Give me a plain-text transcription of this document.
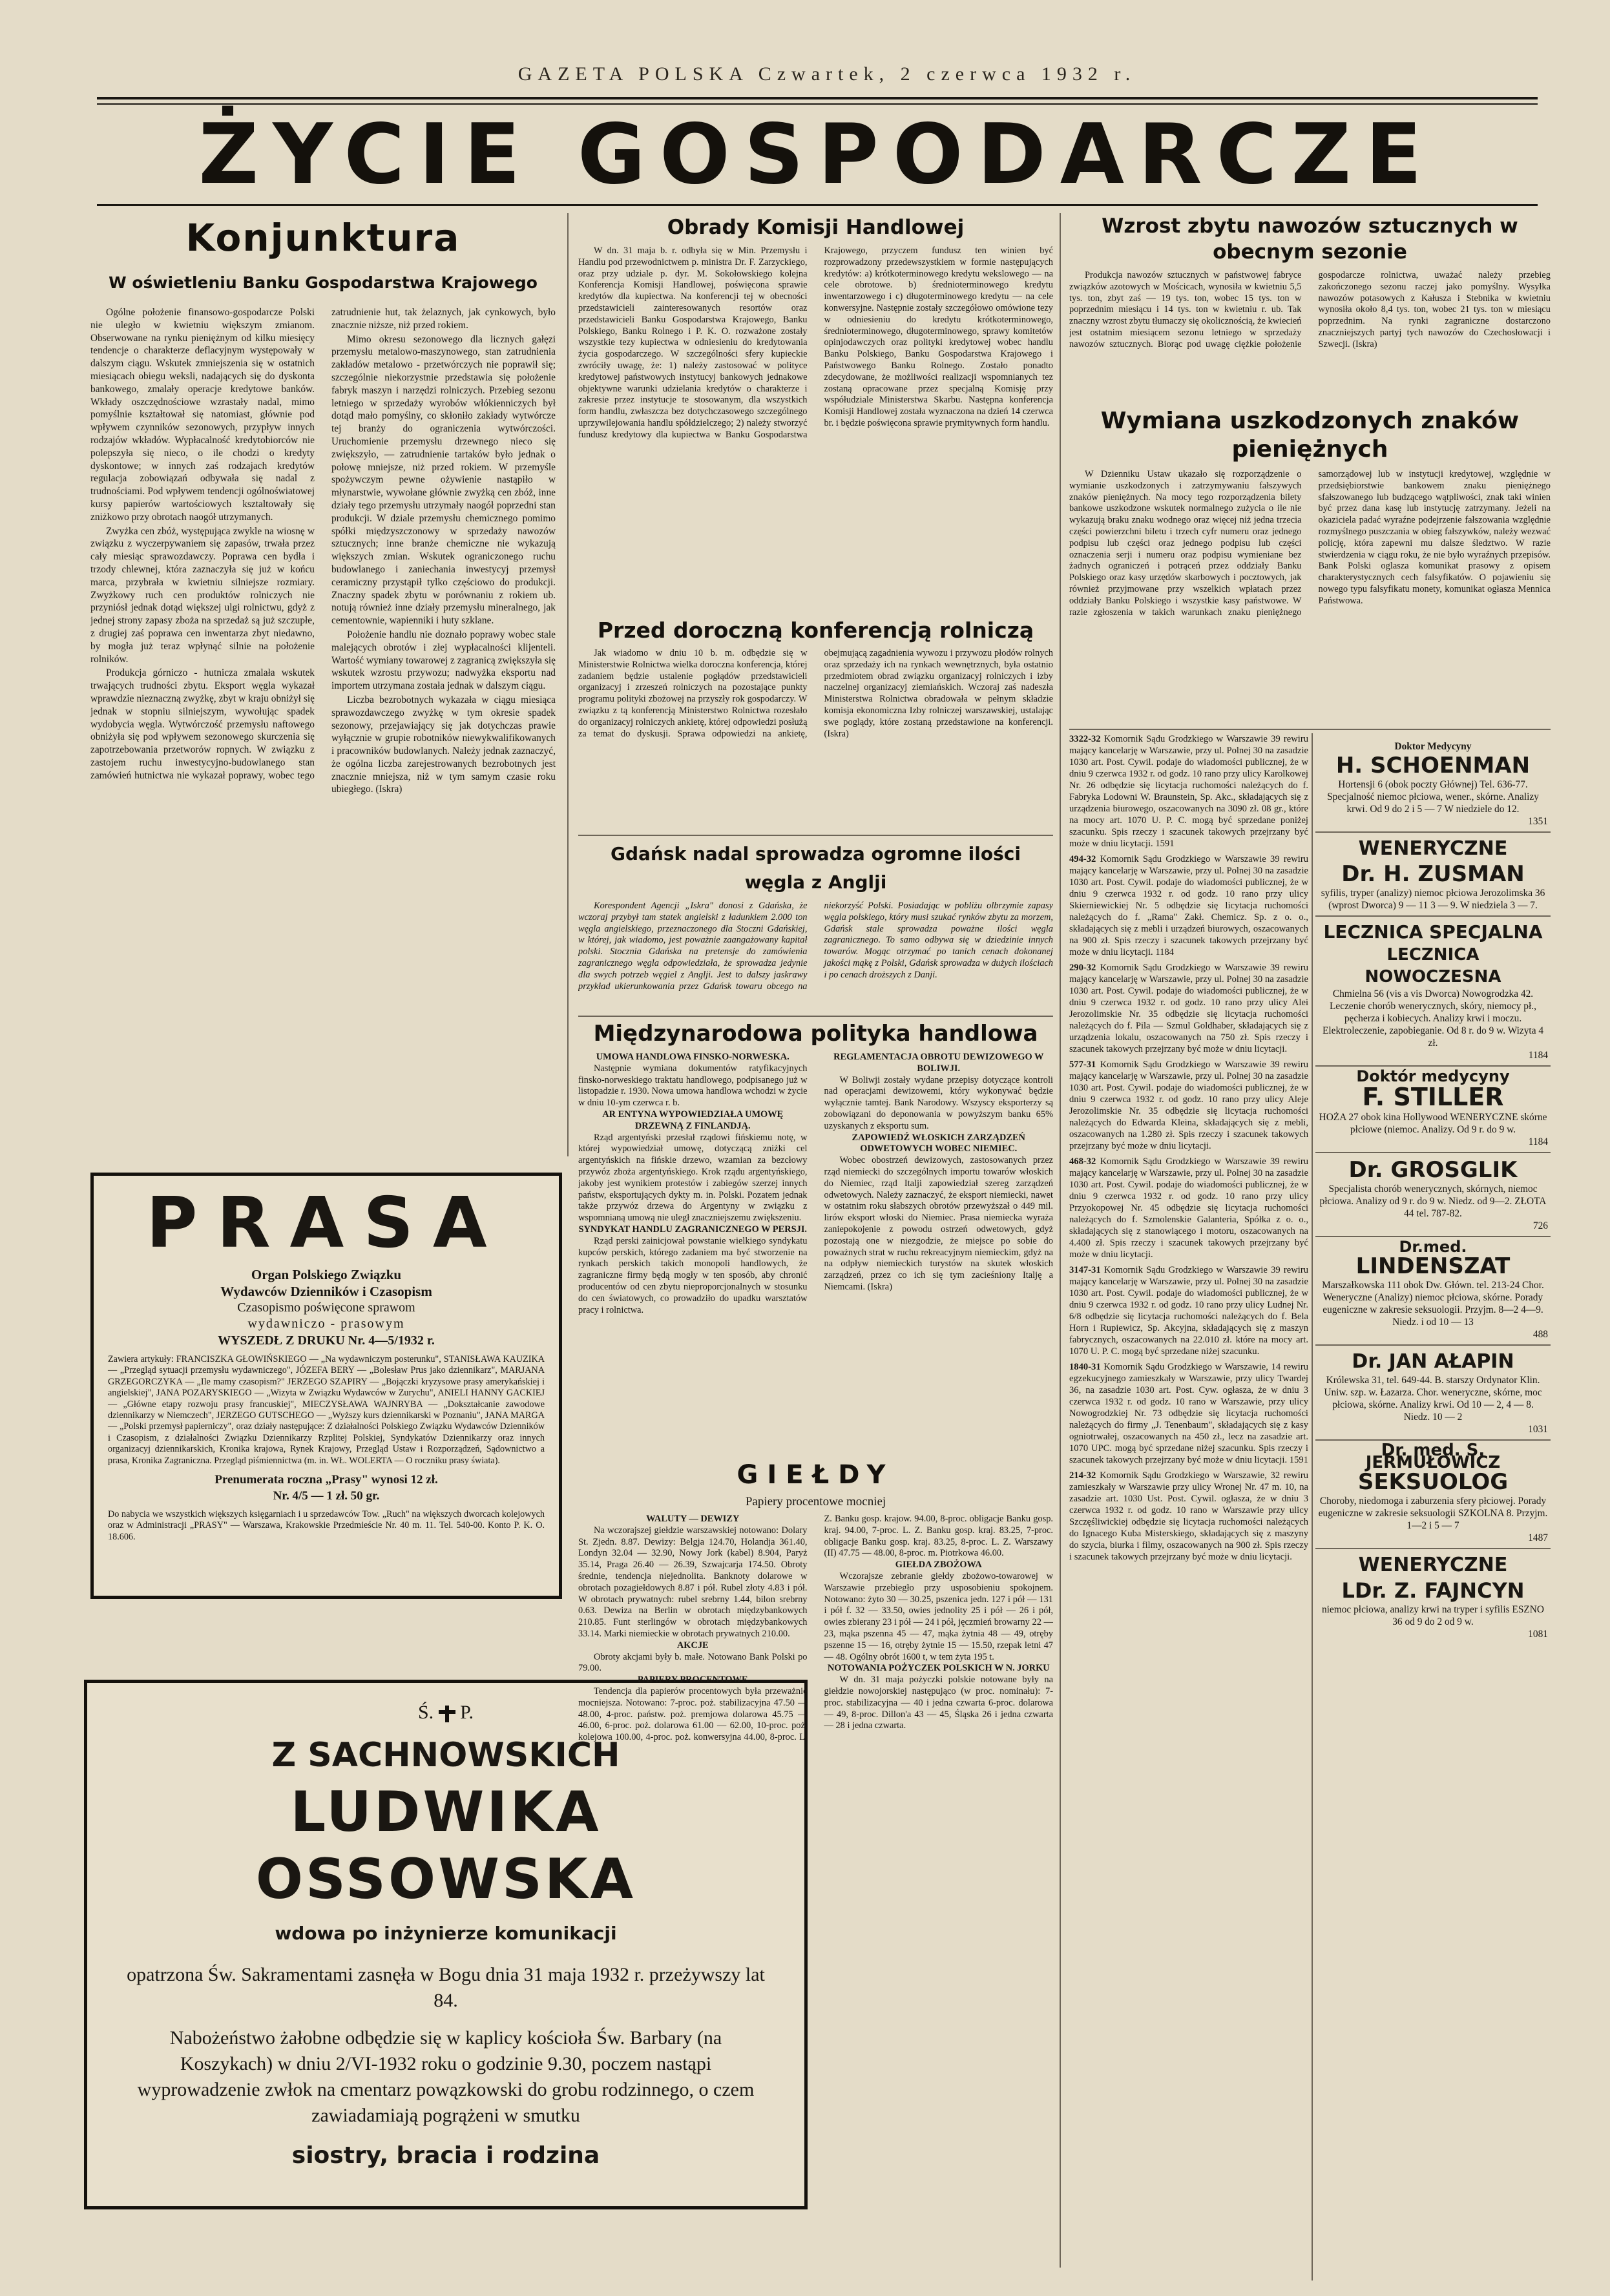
GAZETA POLSKA Czwartek, 2 czerwca 1932 r.
ŻYCIE GOSPODARCZE
Konjunktura
W oświetleniu Banku Gospodarstwa Krajowego

Ogólne położenie finansowo-gospodarcze Polski nie uległo w kwietniu większym zmianom. Obserwowane na rynku pieniężnym od kilku miesięcy tendencje o charakterze deflacyjnym występowały w dalszym ciągu. Wskutek zmniejszenia się w ostatnich miesiącach obiegu weksli, nadających się do dyskonta bankowego, zmalały operacje kredytowe banków. Wkłady oszczędnościowe wzrastały nadal, mimo pomyślnie kształtował się natomiast, głównie pod wpływem czynników sezonowych, przypływ innych rodzajów wkładów. Wypłacalność kredytobiorców nie polepszyła się nieco, o ile chodzi o kredyty dyskontowe; w innych zaś rodzajach kredytów regulacja zobowiązań odbywała się nadal z trudnościami. Pod wpływem tendencji ogólnoświatowej kursy papierów wartościowych ksztaltowały się zniżkowo przy obrotach naogół utrzymanych.

Zwyżka cen zbóż, występująca zwykle na wiosnę w związku z wyczerpywaniem się zapasów, trwała przez cały miesiąc sprawozdawczy. Poprawa cen bydła i trzody chlewnej, która zaznaczyła się już w końcu marca, przybrała w kwietniu silniejsze rozmiary. Zwyżkowy ruch cen produktów rolniczych nie przyniósł jednak dotąd większej ulgi rolnictwu, gdyż z jednej strony zapasy zboża na sprzedaż są już szczupłe, z drugiej zaś poprawa cen inwentarza zbyt niedawno, by mogła już teraz wpłynąć silnie na położenie rolników.

Produkcja górniczo - hutnicza zmalała wskutek trwających trudności zbytu. Eksport węgla wykazał wprawdzie nieznaczną zwyżkę, zbyt w kraju obniżył się jednak w stopniu silniejszym, wywołując spadek wydobycia węgla. Wytwórczość przemysłu naftowego obniżyła się pod wpływem sezonowego skurczenia się zapotrzebowania przetworów ropnych. W związku z zastojem ruchu inwestycyjno-budowlanego stan zamówień hutnictwa nie wykazał poprawy, wobec tego zatrudnienie hut, tak żelaznych, jak cynkowych, było znacznie niższe, niż przed rokiem.

Mimo okresu sezonowego dla licznych gałęzi przemysłu metalowo-maszynowego, stan zatrudnienia zakładów metalowo - przetwórczych nie poprawił się; szczególnie niekorzystnie przedstawia się położenie fabryk maszyn i narzędzi rolniczych. Przebieg sezonu letniego w sprzedaży wyrobów włókienniczych był dotąd mało pomyślny, co skłoniło zakłady wytwórcze tej branży do ograniczenia wytwórczości. Uruchomienie przemysłu drzewnego nieco się zwiększyło, — zatrudnienie tartaków było jednak o połowę mniejsze, niż przed rokiem. W przemyśle spożywczym pewne ożywienie nastąpiło w młynarstwie, wywołane głównie zwyżką cen zbóż, inne działy tego przemysłu utrzymały naogół poprzedni stan produkcji. W dziale przemysłu chemicznego pomimo spółki międzyszczonowy w sprzedaży nawozów sztucznych; inne branże chemiczne nie wykazują większych zmian. Wskutek ograniczonego ruchu budowlanego i zaniechania inwestycyj przemysł ceramiczny przystąpił tylko częściowo do produkcji. Znaczny spadek zbytu w porównaniu z rokiem ub. notują również inne działy przemysłu mineralnego, jak cementownie, wapienniki i huty szklane.

Położenie handlu nie doznało poprawy wobec stale malejących obrotów i złej wypłacalności klijenteli. Wartość wymiany towarowej z zagranicą zwiększyła się wskutek wzrostu przywozu; nadwyżka eksportu nad importem utrzymana została jednak w dalszym ciągu.

Liczba bezrobotnych wykazała w ciągu miesiąca sprawozdawczego zwyżkę w tym okresie spadek sezonowy, przejawiający się jak dotychczas prawie wyłącznie w grupie robotników niewykwalifikowanych i pracowników budowlanych. Należy jednak zaznaczyć, że ogólna liczba zarejestrowanych bezrobotnych jest znacznie mniejsza, niż w tym samym czasie roku ubiegłego. (Iskra)

PRASA
Organ Polskiego Związku
Wydawców Dzienników i Czasopism
Czasopismo poświęcone sprawom
wydawniczo - prasowym
WYSZEDŁ Z DRUKU Nr. 4—5/1932 r.
Zawiera artykuły: FRANCISZKA GŁOWIŃSKIEGO — „Na wydawniczym posterunku", STANISŁAWA KAUZIKA — „Przegląd sytuacji przemysłu wydawniczego", JÓZEFA BERY — „Bolesław Prus jako dziennikarz", MARJANA GRZEGORCZYKA — „Ile mamy czasopism?" JERZEGO SZAPIRY — „Bojączki kryzysowe prasy amerykańskiej i angielskiej", JANA POZARYSKIEGO — „Wizyta w Związku Wydawców w Zurychu", ANIELI HANNY GACKIEJ — „Główne etapy rozwoju prasy francuskiej", MIECZYSŁAWA WAJNRYBA — „Dokształcanie zawodowe dziennikarzy w Niemczech", JERZEGO GUTSCHEGO — „Wyższy kurs dziennikarski w Poznaniu", JANA MARGA — „Polski przemysł papierniczy", oraz działy następujące: Z działalności Polskiego Związku Wydawców Dzienników i Czasopism, z działalności Związku Dziennikarzy Rzplitej Polskiej, Syndykatów Dziennikarzy oraz innych organizacyj dziennikarskich, Kronika krajowa, Rynek Krajowy, Przegląd Ustaw i Rozporządzeń, Sądownictwo a prasa, Kronika Zagraniczna. Przegląd piśmiennictwa (m. in. WŁ. WOLERTA — O roczniku prasy świata).
Prenumerata roczna „Prasy" wynosi 12 zł.
Nr. 4/5 — 1 zł. 50 gr.
Do nabycia we wszystkich większych księgarniach i u sprzedawców Tow. „Ruch" na większych dworcach kolejowych oraz w Administracji „PRASY" — Warszawa, Krakowskie Przedmieście Nr. 40 m. 11. Tel. 540-00. Konto P. K. O. 18.606.
Ś. P.
Z SACHNOWSKICH
LUDWIKA OSSOWSKA
wdowa po inżynierze komunikacji
opatrzona Św. Sakramentami zasnęła w Bogu dnia 31 maja 1932 r. przeżywszy lat 84.
Nabożeństwo żałobne odbędzie się w kaplicy kościoła Św. Barbary (na Koszykach) w dniu 2/VI-1932 roku o godzinie 9.30, poczem nastąpi wyprowadzenie zwłok na cmentarz powązkowski do grobu rodzinnego, o czem zawiadamiają pogrążeni w smutku
siostry, bracia i rodzina
Obrady Komisji Handlowej

W dn. 31 maja b. r. odbyła się w Min. Przemysłu i Handlu pod przewodnictwem p. ministra Dr. F. Zarzyckiego, oraz przy udziale p. dyr. M. Sokołowskiego kolejna Konferencja Komisji Handlowej, poświęcona sprawie kredytów dla kupiectwa. Na konferencji tej w obecności przedstawicieli zainteresowanych resortów oraz przedstawicieli Banku Gospodarstwa Krajowego, Banku Polskiego, Banku Rolnego i P. K. O. rozważone zostały wszystkie tezy kupiectwa w odniesieniu do kredytowania życia gospodarczego. W szczególności sfery kupieckie zwróciły uwagę, że: 1) należy zastosować w polityce kredytowej państwowych instytucyj bankowych jednakowe objektywne warunki udzielania kredytów o charakterze i zakresie przez instytucje te stosowanym, dla wszystkich form handlu, zwłaszcza bez dotychczasowego szczególnego uprzywilejowania handlu spółdzielczego; 2) należy stworzyć fundusz kredytowy dla kupiectwa w Banku Gospodarstwa Krajowego, przyczem fundusz ten winien być rozprowadzony przedewszystkiem w formie następujących kredytów: a) krótkoterminowego kredytu wekslowego — na cele obrotowe. b) średnioterminowego kredytu inwentarzowego i c) długoterminowego kredytu — na cele konwersyjne. Następnie zostały szczegółowo omówione tezy w odniesieniu do kredytu krótkoterminowego, średnioterminowego, długoterminowego, sprawy komitetów opinjodawczych oraz polityki kredytowej wobec handlu Banku Polskiego, Banku Gospodarstwa Krajowego i Państwowego Banku Rolnego. Zostało ponadto zdecydowane, że możliwości realizacji wspomnianych tez zostaną opracowane przez specjalną Komisję przy współudziale Ministerstwa Skarbu. Następna konferencja Komisji Handlowej została wyznaczona na dzień 14 czerwca br. i będzie poświęcona sprawie prymitywnych form handlu.

Przed doroczną konferencją rolniczą

Jak wiadomo w dniu 10 b. m. odbędzie się w Ministerstwie Rolnictwa wielka doroczna konferencja, której zadaniem będzie ustalenie pogłądów przedstawicieli organizacyj i zrzeszeń rolniczych na pozostające punkty programu polityki zbożowej na przyszły rok gospodarczy. W związku z tą konferencją Ministerstwo Rolnictwa rozesłało do organizacyj rolniczych ankietę, której odpowiedzi posłużą za temat do dyskusji. Sprawa odpowiedzi na ankietę, obejmującą zagadnienia wywozu i przywozu płodów rolnych oraz sprzedaży ich na rynkach wewnętrznych, była ostatnio przedmiotem obrad związku organizacyj rolniczych i izby naczelnej organizacyj ziemiańskich. Wczoraj zaś nadeszła Ministerstwa Rolnictwa obradowała w pełnym składzie komisja ekonomiczna Izby rolniczej warszawskiej, ustalając swe poglądy, które zostaną przedstawione na konferencji. (Iskra)

Gdańsk nadal sprowadza ogromne ilości węgla z Anglji

Korespondent Agencji „Iskra" donosi z Gdańska, że wczoraj przybył tam statek angielski z ładunkiem 2.000 ton węgla angielskiego, przeznaczonego dla Stoczni Gdańskiej, w której, jak wiadomo, jest poważnie zaangażowany kapitał polski. Stocznia Gdańska na pretensje do zamówienia zagranicznego węgla odpowiedziała, że sprowadza jedynie dla swych potrzeb węgiel z Anglji. Jest to dalszy jaskrawy przykład ukierunkowania przez Gdańsk towaru obcego na niekorzyść Polski. Posiadając w pobliżu olbrzymie zapasy węgla polskiego, który musi szukać rynków zbytu za morzem, Gdańsk stale sprowadza poważne ilości węgla zagranicznego. To samo odbywa się w dziedzinie innych towarów. Mogąc otrzymać po tanich cenach dokonanej jakości mąkę z Polski, Gdańsk sprowadza w dużych ilościach i po cenach droższych z Danji.

Międzynarodowa polityka handlowa
UMOWA HANDLOWA FINSKO-NORWESKA.

Następnie wymiana dokumentów ratyfikacyjnych finsko-norweskiego traktatu handlowego, podpisanego już w listopadzie r. 1930. Nowa umowa handlowa wchodzi w życie w dniu 10-ym czerwca r. b.

AR ENTYNA WYPOWIEDZIAŁA UMOWĘ DRZEWNĄ Z FINLANDJĄ.

Rząd argentyński przesłał rządowi fińskiemu notę, w której wypowiedział umowę, dotyczącą zniżki cel argentyńskich na fińskie drzewo, wzamian za bezcłowy przywóz zboża argentyńskiego. Krok rządu argentyńskiego, jakoby jest wynikiem protestów i zabiegów szerzej innych państw, eksportujących dykty m. in. Polski. Pozatem jednak także przywóz drzewa do Argentyny w związku z wspomnianą umową nie uległ znaczniejszemu zwiększeniu.

SYNDYKAT HANDLU ZAGRANICZNEGO W PERSJI.

Rząd perski zainicjował powstanie wielkiego syndykatu kupców perskich, którego zadaniem ma być stworzenie na rynkach perskich takich monopoli handlowych, że zagraniczne firmy będą mogły w ten sposób, aby chronić producentów od cen zbytu nieproporcjonalnych w stosunku do cen światowych, co prowadziło do upadku warsztatów pracy i rolnictwa.

REGLAMENTACJA OBROTU DEWIZOWEGO W BOLIWJI.

W Boliwji zostały wydane przepisy dotyczące kontroli nad operacjami dewizowemi, który wykonywać będzie wyłącznie tamtej. Bank Narodowy. Wszyscy eksporterzy są zobowiązani do deponowania w powyższym banku 65% uzyskanych z eksportu sum.

ZAPOWIEDŹ WŁOSKICH ZARZĄDZEŃ ODWETOWYCH WOBEC NIEMIEC.

Wobec obostrzeń dewizowych, zastosowanych przez rząd niemiecki do szczególnych importu towarów włoskich do Niemiec, rząd Italji zapowiedział szereg zarządzeń odwetowych. Należy zaznaczyć, że eksport niemiecki, nawet w ostatnim roku słabszych obrotów przewyższał o 449 mil. lirów eksport włoski do Niemiec. Prasa niemiecka wyraża zaniepokojenie z powodu ostrzeń odwetowych, gdyż pozostają one w niezgodzie, że miejsce po sobie do poważnych strat w ruchu rekreacyjnym niemieckim, gdyż na na odpływ niemieckich turystów na skutek włoskich zarządzeń, przez co ich się tym zacieśniony Italję a Niemcami. (Iskra)

GIEŁDY
Papiery procentowe mocniej
WALUTY — DEWIZY

Na wczorajszej giełdzie warszawskiej notowano: Dolary St. Zjedn. 8.87. Dewizy: Belgja 124.70, Holandja 361.40, Londyn 32.04 — 32.90, Nowy Jork (kabel) 8.904, Paryż 35.14, Praga 26.40 — 26.39, Szwajcarja 174.50. Obroty średnie, tendencja niejednolita. Banknoty dolarowe w obrotach pozagiełdowych 8.87 i pół. Rubel złoty 4.83 i pół. W obrotach prywatnych: rubel srebrny 1.44, bilon srebrny 0.63. Dewiza na Berlin w obrotach międzybankowych 210.85. Funt sterlingów w obrotach międzybankowych 33.14. Marki niemieckie w obrotach prywatnych 210.00.

AKCJE

Obroty akcjami były b. małe. Notowano Bank Polski po 79.00.

PAPIERY PROCENTOWE

Tendencja dla papierów procentowych była przeważnie mocniejsza. Notowano: 7-proc. poż. stabilizacyjna 47.50 — 48.00, 4-proc. państw. poż. premjowa dolarowa 45.75 — 46.00, 6-proc. poż. dolarowa 61.00 — 62.00, 10-proc. poż. kolejowa 100.00, 4-proc. poż. konwersyjna 44.00, 8-proc. L. Z. Banku gosp. krajow. 94.00, 8-proc. obligacje Banku gosp. kraj. 94.00, 7-proc. L. Z. Banku gosp. kraj. 83.25, 7-proc. obligacje Banku gosp. kraj. 83.25, 8-proc. L. Z. Warszawy (II) 47.75 — 48.00, 8-proc. m. Piotrkowa 46.00.

GIEŁDA ZBOŻOWA

Wczorajsze zebranie giełdy zbożowo-towarowej w Warszawie przebiegło przy usposobieniu spokojnem. Notowano: żyto 30 — 30.25, pszenica jedn. 127 i pół — 131 i pół f. 32 — 33.50, owies jednolity 25 i pół — 26 i pół, owies zbierany 23 i pół — 24 i pół, jęczmień browarny 22 — 23, mąka pszenna 45 — 47, mąka żytnia 48 — 49, otręby pszenne 15 — 16, otręby żytnie 15 — 15.50, rzepak letni 47 — 48. Ogólny obrót 1600 t, w tem żyta 195 t.

NOTOWANIA POŻYCZEK POLSKICH W N. JORKU

W dn. 31 maja pożyczki polskie notowane były na giełdzie nowojorskiej następująco (w proc. nominału): 7-proc. stabilizacyjna — 40 i jedna czwarta 6-proc. dolarowa — 49, 8-proc. Dillon'a 43 — 45, Śląska 26 i jedna czwarta — 28 i jedna czwarta.

Wzrost zbytu nawozów sztucznych w obecnym sezonie

Produkcja nawozów sztucznych w państwowej fabryce związków azotowych w Mościcach, wynosiła w kwietniu 5,5 tys. ton, zbyt zaś — 19 tys. ton, wobec 15 tys. ton w poprzednim miesiącu i 14 tys. ton w kwietniu r. ub. Tak znaczny wzrost zbytu tłumaczy się okolicznością, że kwiecień jest ostatnim miesiącem sezonu letniego w sprzedaży nawozów sztucznych. Biorąc pod uwagę ciężkie położenie gospodarcze rolnictwa, uważać należy przebieg zakończonego sezonu raczej jako pomyślny. Wysyłka nawozów potasowych z Kałusza i Stebnika w kwietniu wynosiła około 8,4 tys. ton, wobec 21 tys. ton w miesiącu poprzednim. Na rynki zagraniczne dostarczono znaczniejszych partyj tych nawozów do Czechosłowacji i Szwecji. (Iskra)

Wymiana uszkodzonych znaków pieniężnych

W Dzienniku Ustaw ukazało się rozporządzenie o wymianie uszkodzonych i zatrzymywaniu fałszywych znaków pieniężnych. Na mocy tego rozporządzenia bilety bankowe uszkodzone wskutek normalnego zużycia o ile nie wykazują braku znaku wodnego oraz więcej niż jedna trzecia części powierzchni biletu i trzech cyfr numeru oraz jednego podpisu lub części oraz jednego podpisu lub części oznaczenia serji i numeru oraz podpisu wymieniane bez żadnych ograniczeń i potrąceń przez oddziały Banku Polskiego oraz kasy urzędów skarbowych i pocztowych, jak również przyjmowane przy wszelkich wpłatach przez oddziały Banku Polskiego i wszystkie kasy państwowe. W razie zgłoszenia w takich warunkach znaku pieniężnego samorządowej lub w instytucji kredytowej, względnie w przedsiębiorstwie bankowem znaku pieniężnego sfałszowanego lub budzącego wątpliwości, znak taki winien być przez dana kasę lub instytucję zatrzymany. Jeżeli na okaziciela padać wyraźne podejrzenie fałszowania względnie rozmyślnego puszczania w obieg fałszywków, należy wezwać policję, która zapewni mu dalsze śledztwo. W razie stwierdzenia w ciągu roku, że nie było wyraźnych przepisów. Bank Polski oglasza komunikat prasowy z opisem charakterystycznych cech falsyfikatów. O pojawieniu się nowego typu falsyfikatu monety, komunikat ogłasza Mennica Państwowa.

3322-32 Komornik Sądu Grodzkiego w Warszawie 39 rewiru mający kancelarję w Warszawie, przy ul. Polnej 30 na zasadzie 1030 art. Post. Cywil. podaje do wiadomości publicznej, że w dniu 9 czerwca 1932 r. od godz. 10 rano przy ulicy Karolkowej Nr. 26 odbędzie się licytacja ruchomości należących do f. Fabryka Lodowni W. Braunstein, Sp. Akc., składających się z urządzenia biurowego, oszacowanych na 3090 zł. 08 gr., które na mocy art. 1070 U. P. C. mogą być sprzedane poniżej szacunku. Spis rzeczy i szacunek takowych przejrzany być może w dniu licytacji. 1591
494-32 Komornik Sądu Grodzkiego w Warszawie 39 rewiru mający kancelarję w Warszawie, przy ul. Polnej 30 na zasadzie 1030 art. Post. Cywil. podaje do wiadomości publicznej, że w dniu 9 czerwca 1932 r. od godz. 10 rano przy ulicy Skierniewickiej Nr. 5 odbędzie się licytacja ruchomości należących do f. „Rama" Zakł. Chemicz. Sp. z o. o., składających się z mebli i urządzeń biurowych, oszacowanych na 900 zł. Spis rzeczy i szacunek takowych przejrzany być może w dniu licytacji. 1184
290-32 Komornik Sądu Grodzkiego w Warszawie 39 rewiru mający kancelarję w Warszawie, przy ul. Polnej 30 na zasadzie 1030 art. Post. Cywil. podaje do wiadomości publicznej, że w dniu 9 czerwca 1932 r. od godz. 10 rano przy ulicy Alei Jerozolimskie Nr. 35 odbędzie się licytacja ruchomości należących do f. Pila — Szmul Goldhaber, składających się z urządzenia lokalu, oszacowanych na 750 zł. Spis rzeczy i szacunek takowych przejrzany być może w dniu licytacji.
577-31 Komornik Sądu Grodzkiego w Warszawie 39 rewiru mający kancelarję w Warszawie, przy ul. Polnej 30 na zasadzie 1030 art. Post. Cywil. podaje do wiadomości publicznej, że w dniu 9 czerwca 1932 r. od godz. 10 rano przy ulicy Aleje Jerozolimskie Nr. 35 odbędzie się licytacja ruchomości należących do Edwarda Kleina, składających się z mebli, oszacowanych na 1.280 zł. Spis rzeczy i szacunek takowych przejrzany być może w dniu licytacji.
468-32 Komornik Sądu Grodzkiego w Warszawie 39 rewiru mający kancelarję w Warszawie, przy ul. Polnej 30 na zasadzie 1030 art. Post. Cywil. podaje do wiadomości publicznej, że w dniu 9 czerwca 1932 r. od godz. 10 rano przy ulicy Przyokopowej Nr. 45 odbędzie się licytacja ruchomości należących do f. Szmolenskie Galanteria, Spółka z o. o., składających się z stanowiącego i motoru, oszacowanych na 4.400 zł. Spis rzeczy i szacunek takowych przejrzany być może w dniu licytacji.
3147-31 Komornik Sądu Grodzkiego w Warszawie 39 rewiru mający kancelarję w Warszawie, przy ul. Polnej 30 na zasadzie 1030 art. Post. Cywil. podaje do wiadomości publicznej, że w dniu 9 czerwca 1932 r. od godz. 10 rano przy ulicy Ludnej Nr. 6/8 odbędzie się licytacja ruchomości należących do f. Bela Horn i Rupiewicz, Sp. Akcyjna, składających się z maszyn fabrycznych, oszacowanych na 22.010 zł. które na mocy art. 1070 U. P. C. mogą być sprzedane niżej szacunku.
1840-31 Komornik Sądu Grodzkiego w Warszawie, 14 rewiru egzekucyjnego zamieszkały w Warszawie, przy ulicy Twardej 36, na zasadzie 1030 art. Post. Cyw. ogłasza, że w dniu 3 czerwca 1932 r. od godz. 10 rano w Warszawie, przy ulicy Nowogrodzkiej Nr. 73 odbędzie się licytacja ruchomości należących do firmy „J. Tenenbaum", składających się z kasy ogniotrwałej, oszacowanych na 450 zł., lecz na zasadzie art. 1070 UPC. mogą być sprzedane niżej szacunku. Spis rzeczy i szacunek takowych przejrzany być może w dniu licytacji. 1591
214-32 Komornik Sądu Grodzkiego w Warszawie, 32 rewiru zamieszkały w Warszawie przy ulicy Wronej Nr. 47 m. 10, na zasadzie art. 1030 Ust. Post. Cywil. ogłasza, że w dniu 3 czerwca 1932 r. od godz. 10 rano w Warszawie przy ulicy Szczęśliwickiej odbędzie się licytacja ruchomości należących do Ignacego Kuba Misterskiego, składających się z maszyny do szycia, biurka i filmy, oszacowanych na 900 zł. Spis rzeczy i szacunek takowych przejrzany być może w dniu licytacji.
Doktor Medycyny
H. SCHOENMAN
Hortensji 6 (obok poczty Głównej) Tel. 636-77. Specjalność niemoc płciowa, wener., skórne. Analizy krwi. Od 9 do 2 i 5 — 7 W niedziele do 12.
1351
WENERYCZNE
Dr. H. ZUSMAN
syfilis, tryper (analizy) niemoc płciowa Jerozolimska 36 (wprost Dworca) 9 — 11 3 — 9. W niedziela 3 — 7.
LECZNICA SPECJALNA
LECZNICA NOWOCZESNA
Chmielna 56 (vis a vis Dworca) Nowogrodzka 42. Leczenie chorób wenerycznych, skóry, niemocy pł., pęcherza i kobiecych. Analizy krwi i moczu. Elektroleczenie, zapobieganie. Od 8 r. do 9 w. Wizyta 4 zł.
1184
Doktór medycyny
F. STILLER
HOŻA 27 obok kina Hollywood WENERYCZNE skórne płciowe (niemoc. Analizy. Od 9 r. do 9 w.
1184
Dr. GROSGLIK
Specjalista chorób wenerycznych, skórnych, niemoc płciowa. Analizy od 9 r. do 9 w. Niedz. od 9—2. ZŁOTA 44 tel. 787-82.
726
Dr.med.
LINDENSZAT
Marszałkowska 111 obok Dw. Główn. tel. 213-24 Chor. Weneryczne (Analizy) niemoc płciowa, skórne. Porady eugeniczne w zakresie seksuologii. Przyjm. 8—2 4—9. Niedz. i od 10 — 13
488
Dr. JAN AŁAPIN
Królewska 31, tel. 649-44. B. starszy Ordynator Klin. Uniw. szp. w. Łazarza. Chor. weneryczne, skórne, moc płciowa, skórne. Analizy krwi. Od 10 — 2, 4 — 8. Niedz. 10 — 2
1031
Dr. med. S. JERMUŁOWICZ
SEKSUOLOG
Choroby, niedomoga i zaburzenia sfery płciowej. Porady eugeniczne w zakresie seksuologii SZKOLNA 8. Przyjm. 1—2 i 5 — 7
1487
WENERYCZNE
LDr. Z. FAJNCYN
niemoc płciowa, analizy krwi na tryper i syfilis ESZNO 36 od 9 do 2 od 9 w.
1081
